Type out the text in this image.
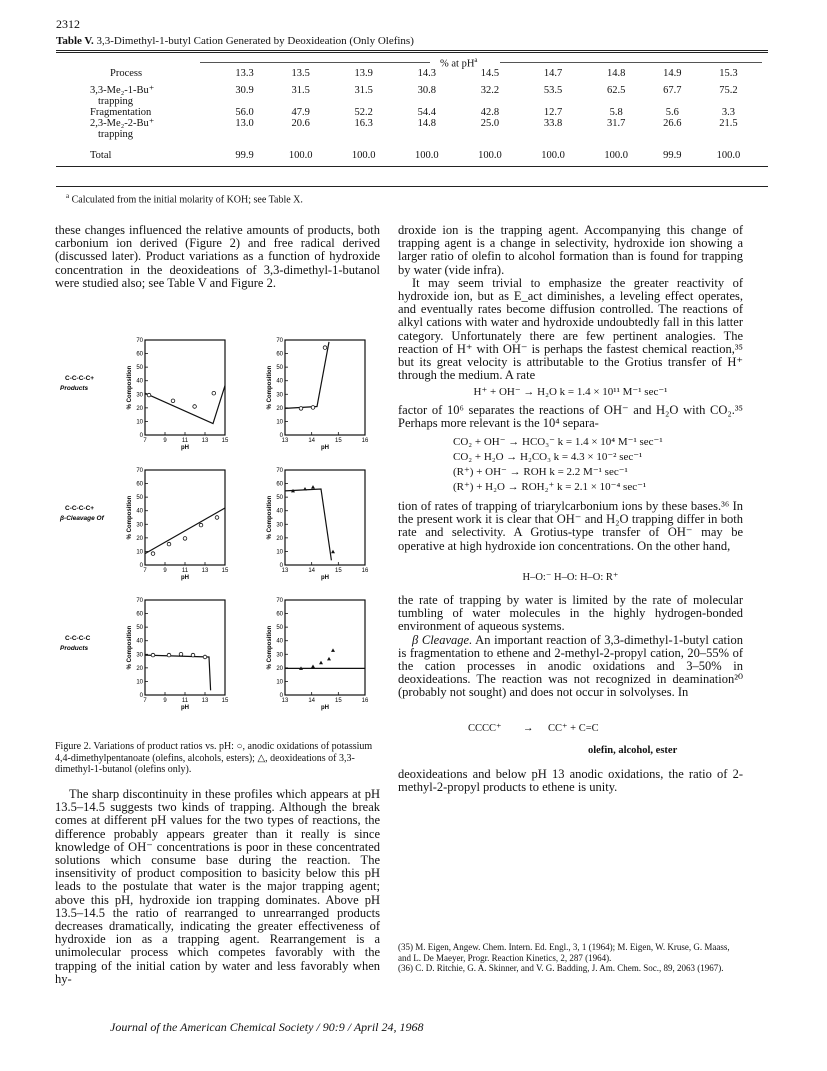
2312
Table V. 3,3-Dimethyl-1-butyl Cation Generated by Deoxideation (Only Olefins)
% at $pH^a$
Process	13.3	13.5	13.9	14.3	14.5	14.7	14.8	14.9	15.3

3,3-Me₂-1-Bu⁺
trapping	30.9	31.5	31.5	30.8	32.2	53.5	62.5	67.7	75.2
Fragmentation	56.0	47.9	52.2	54.4	42.8	12.7	5.8	5.6	3.3
2,3-Me₂-2-Bu⁺
trapping	13.0	20.6	16.3	14.8	25.0	33.8	31.7	26.6	21.5

Total	99.9	100.0	100.0	100.0	100.0	100.0	100.0	99.9	100.0
$^a$ Calculated from the initial molarity of KOH; see Table X.

these changes influenced the relative amounts of products, both carbonium ion derived (Figure 2) and free radical derived (discussed later). Product variations as a function of hydroxide concentration in the deoxideations of 3,3-dimethyl-1-butanol were studied also; see Table V and Figure 2.

0
10
20
30
40
50
60
70
7	9	11 13 15
pH
% Composition
0
10
20
30
40
50
60
70
13	14	15	16
pH
% Composition
0
10
20
30
40
50
60
70
7	9	11 13 15
pH
% Composition
0
10
20
30
40
50
60
70
13	14	15	16
pH
% Composition
0
10
20
30
40
50
60
70
7	9	11 13 15
pH
% Composition
0
10
20
30
40
50
60
70
13	14	15	16
pH
% Composition
C-C-C-C+
Products
C-C-C-C+
β-Cleavage Of
C-C-C-C
Products
Figure 2. Variations of product ratios vs. pH: ○, anodic oxidations of potassium 4,4-dimethylpentanoate (olefins, alcohols, esters); △, deoxideations of 3,3-dimethyl-1-butanol (olefins only).

The sharp discontinuity in these profiles which appears at pH 13.5–14.5 suggests two kinds of trapping. Although the break comes at different pH values for the two types of reactions, the difference probably appears greater than it really is since knowledge of OH⁻ concentrations is poor in these concentrated solutions which consume base during the reaction. The insensitivity of product composition to basicity below this pH leads to the postulate that water is the major trapping agent; above this pH, hydroxide ion trapping dominates. Above pH 13.5–14.5 the ratio of rearranged to unrearranged products decreases dramatically, indicating the greater effectiveness of hydroxide ion as a trapping agent. Rearrangement is a unimolecular process which competes favorably with the trapping of the initial cation by water and less favorably when hy-

droxide ion is the trapping agent. Accompanying this change of trapping agent is a change in selectivity, hydroxide ion showing a larger ratio of olefin to alcohol formation than is found for trapping by water (vide infra).

It may seem trivial to emphasize the greater reactivity of hydroxide ion, but as E_act diminishes, a leveling effect operates, and eventually rates become diffusion controlled. The reactions of alkyl cations with water and hydroxide undoubtedly fall in this latter category. Unfortunately there are few pertinent analogies. The reaction of H⁺ with OH⁻ is perhaps the fastest chemical reaction,³⁵ but its great velocity is attributable to the Grotius transfer of H⁺ through the medium. A rate

H⁺ + OH⁻ → H₂O k = 1.4 × 10¹¹ M⁻¹ sec⁻¹

factor of 10⁶ separates the reactions of OH⁻ and H₂O with CO₂.³⁵ Perhaps more relevant is the 10⁴ separa-

CO₂ + OH⁻ → HCO₃⁻ k = 1.4 × 10⁴ M⁻¹ sec⁻¹
CO₂ + H₂O → H₂CO₃ k = 4.3 × 10⁻² sec⁻¹
(R⁺) + OH⁻ → ROH k = 2.2 M⁻¹ sec⁻¹
(R⁺) + H₂O → ROH₂⁺ k = 2.1 × 10⁻⁴ sec⁻¹

tion of rates of trapping of triarylcarbonium ions by these bases.³⁶ In the present work it is clear that OH⁻ and H₂O trapping differ in both rate and selectivity. A Grotius-type transfer of OH⁻ may be operative at high hydroxide ion concentrations. On the other hand,

H–O:⁻ H–O: H–O: R⁺

the rate of trapping by water is limited by the rate of molecular tumbling of water molecules in the highly hydrogen-bonded environment of aqueous systems.

β Cleavage. An important reaction of 3,3-dimethyl-1-butyl cation is fragmentation to ethene and 2-methyl-2-propyl cation, 20–55% of the cation processes in anodic oxidations and 3–50% in deoxideations. The reaction was not recognized in deamination²⁰ (probably not sought) and does not occur in solvolyses. In

CCCC⁺ → CC⁺ + C=C
olefin, alcohol, ester

deoxideations and below pH 13 anodic oxidations, the ratio of 2-methyl-2-propyl products to ethene is unity.

(35) M. Eigen, Angew. Chem. Intern. Ed. Engl., 3, 1 (1964); M. Eigen, W. Kruse, G. Maass, and L. De Maeyer, Progr. Reaction Kinetics, 2, 287 (1964).
(36) C. D. Ritchie, G. A. Skinner, and V. G. Badding, J. Am. Chem. Soc., 89, 2063 (1967).
Journal of the American Chemical Society / 90:9 / April 24, 1968
